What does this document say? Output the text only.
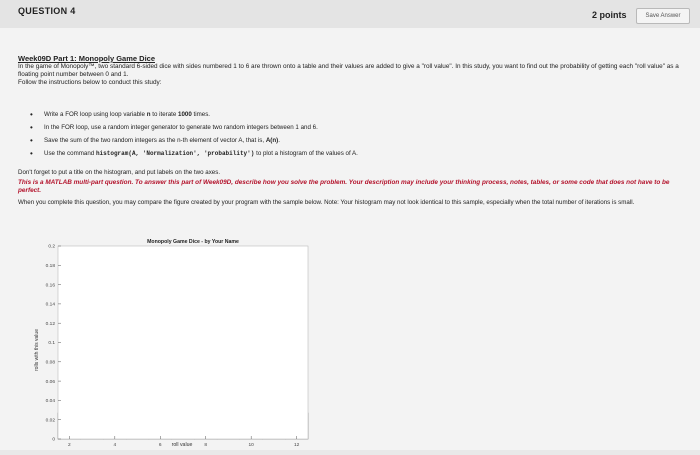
QUESTION 4	2 points	Save Answer
Week09D Part 1: Monopoly Game Dice
In the game of Monopoly™, two standard 6-sided dice with sides numbered 1 to 6 are thrown onto a table and their values are added to give a "roll value". In this study, you want to find out the probability of getting each "roll value" as a floating point number between 0 and 1.
Follow the instructions below to conduct this study:
• Write a FOR loop using loop variable n to iterate 1000 times.
• In the FOR loop, use a random integer generator to generate two random integers between 1 and 6.
• Save the sum of the two random integers as the n-th element of vector A, that is, A(n).
• Use the command histogram(A, 'Normalization', 'probability') to plot a histogram of the values of A.
Don't forget to put a title on the histogram, and put labels on the two axes.
This is a MATLAB multi-part question. To answer this part of Week09D, describe how you solve the problem. Your description may include your thinking process, notes, tables, or some code that does not have to be perfect.
When you complete this question, you may compare the figure created by your program with the sample below. Note: Your histogram may not look identical to this sample, especially when the total number of iterations is small.
Monopoly Game Dice - by Your Name
roll value
rolls with this value
0
0.02
0.04
0.06
0.08
0.1
0.12
0.14
0.16
0.18
0.2
2	4	6	8	10	12
